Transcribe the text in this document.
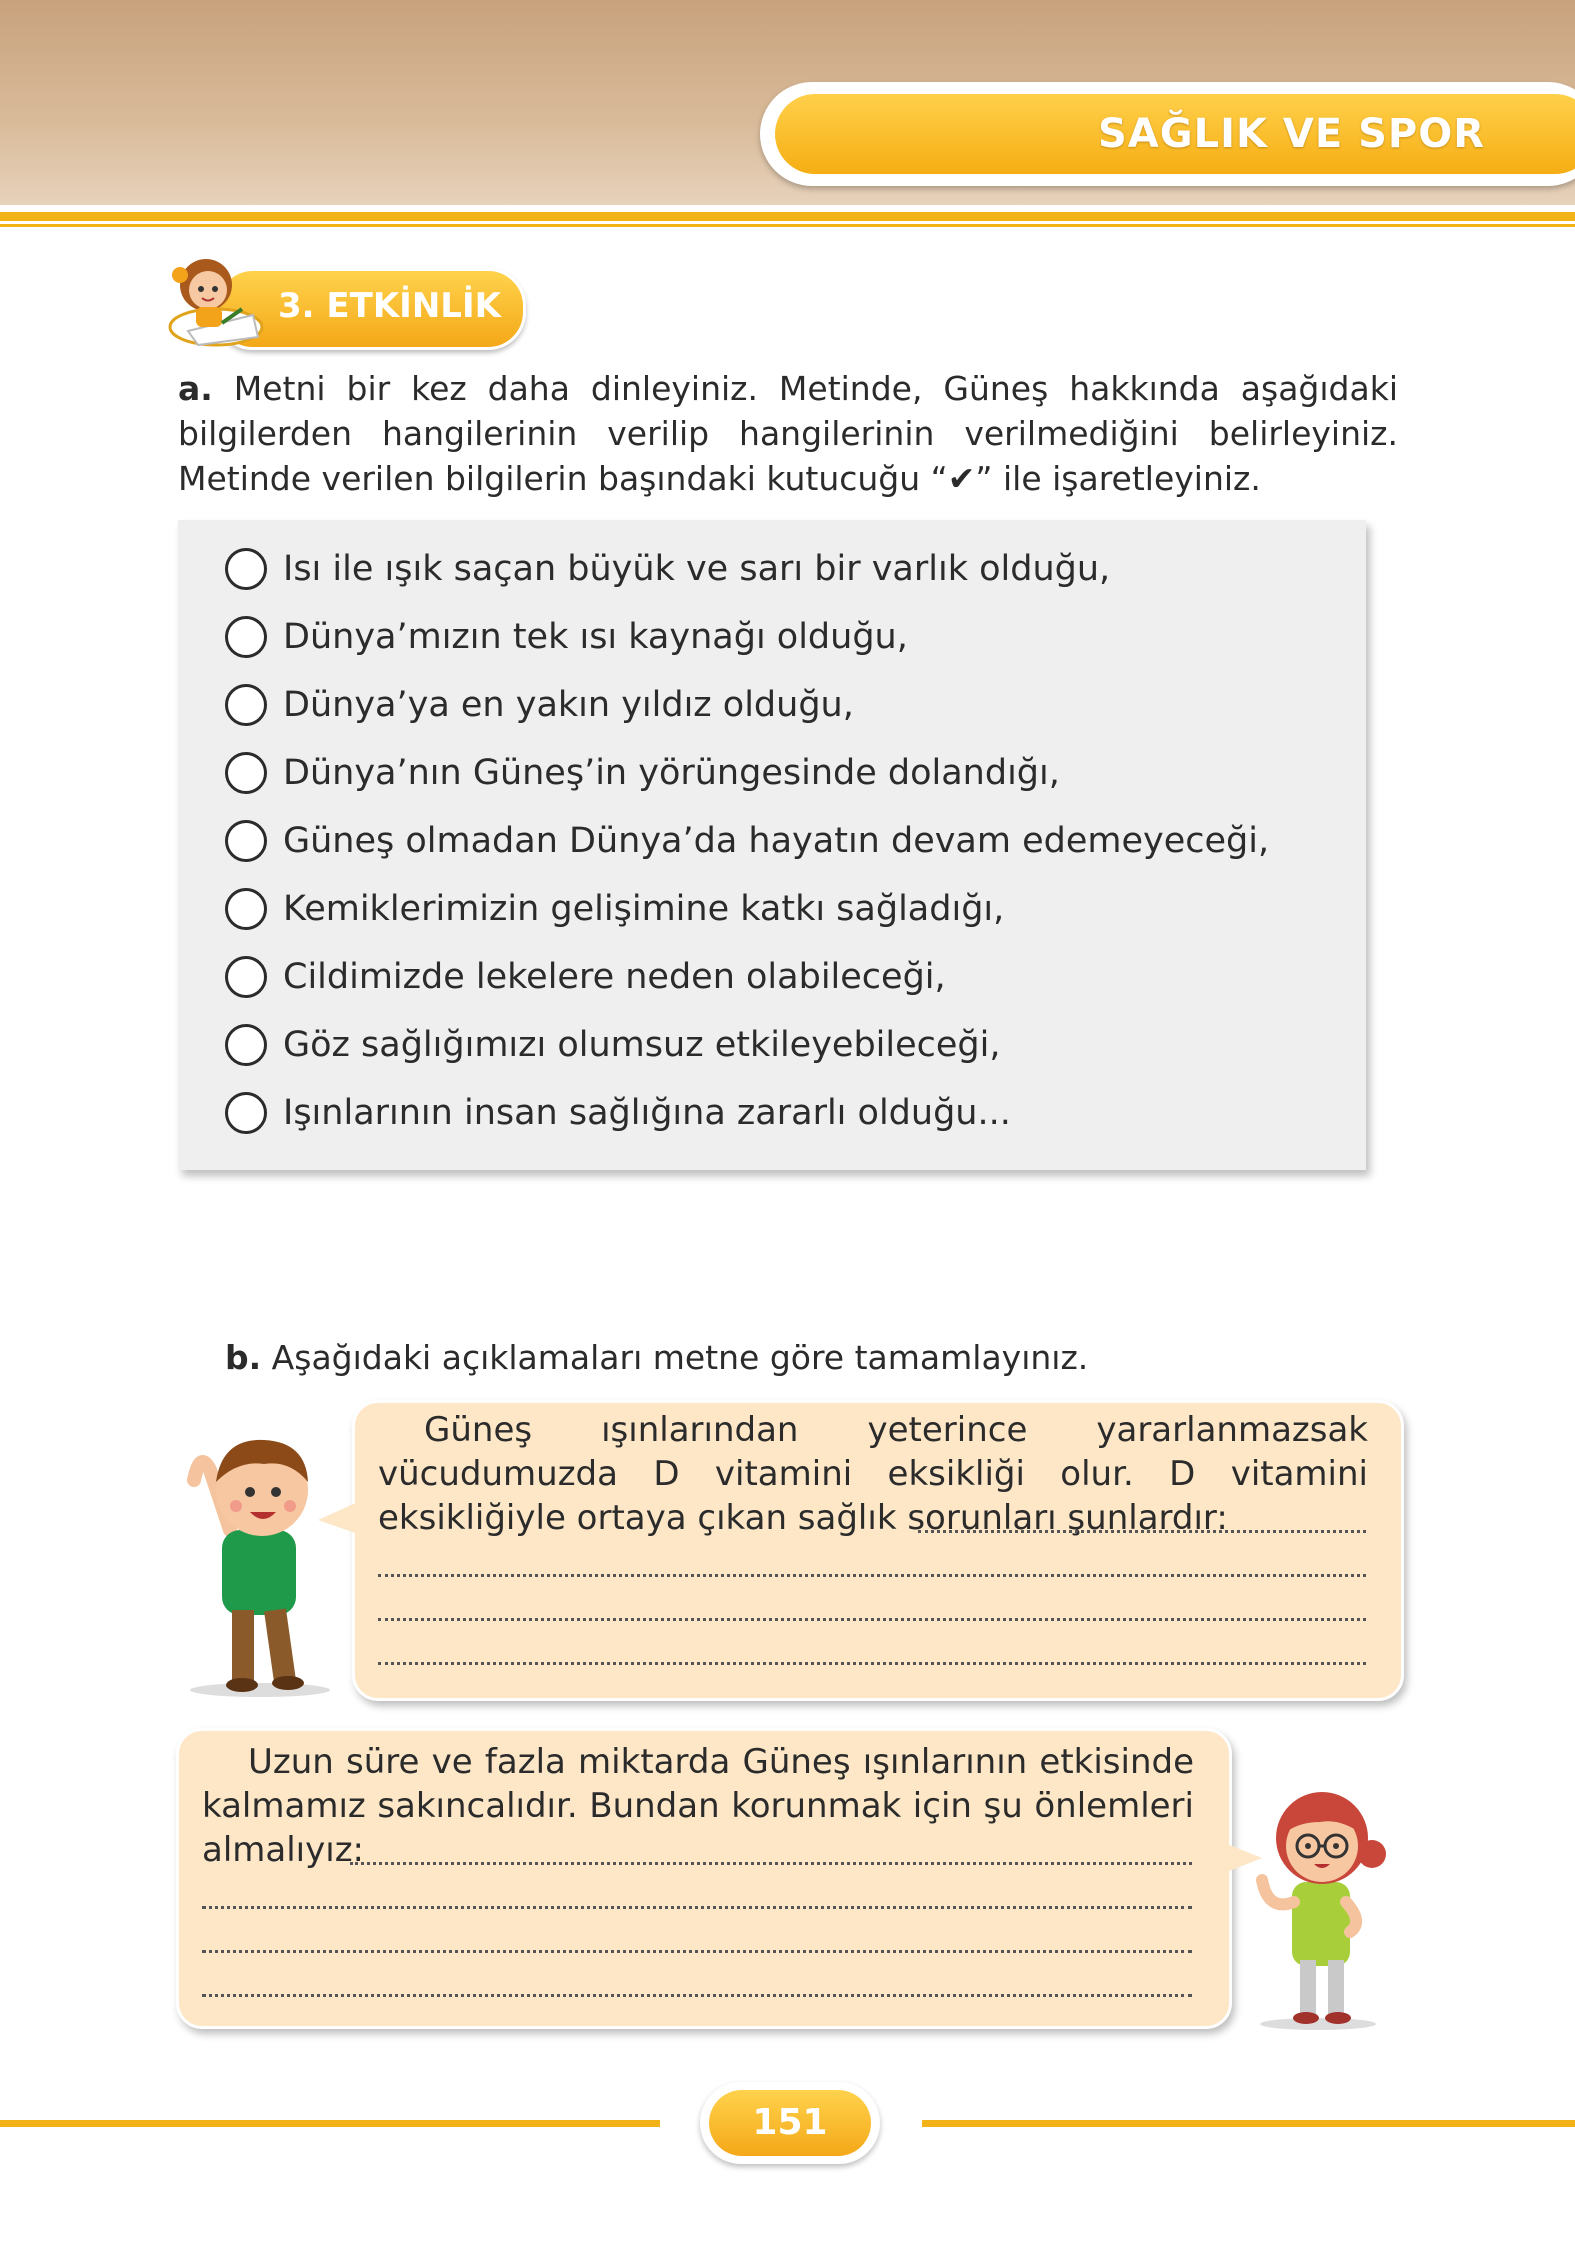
SAĞLIK VE SPOR
3. ETKİNLİK
a. Metni bir kez daha dinleyiniz. Metinde, Güneş hakkında aşağıdaki bilgilerden hangilerinin verilip hangilerinin verilmediğini belirleyiniz. Metinde verilen bilgilerin başındaki kutucuğu “✔” ile işaretleyiniz.
Isı ile ışık saçan büyük ve sarı bir varlık olduğu,
Dünya’mızın tek ısı kaynağı olduğu,
Dünya’ya en yakın yıldız olduğu,
Dünya’nın Güneş’in yörüngesinde dolandığı,
Güneş olmadan Dünya’da hayatın devam edemeyeceği,
Kemiklerimizin gelişimine katkı sağladığı,
Cildimizde lekelere neden olabileceği,
Göz sağlığımızı olumsuz etkileyebileceği,
Işınlarının insan sağlığına zararlı olduğu...
b. Aşağıdaki açıklamaları metne göre tamamlayınız.
Güneş ışınlarından yeterince yararlanmazsak vücudumuzda D vitamini eksikliği olur. D vitamini eksikliğiyle ortaya çıkan sağlık sorunları şunlardır:
Uzun süre ve fazla miktarda Güneş ışınlarının etkisinde kalmamız sakıncalıdır. Bundan korunmak için şu önlemleri almalıyız:
151
